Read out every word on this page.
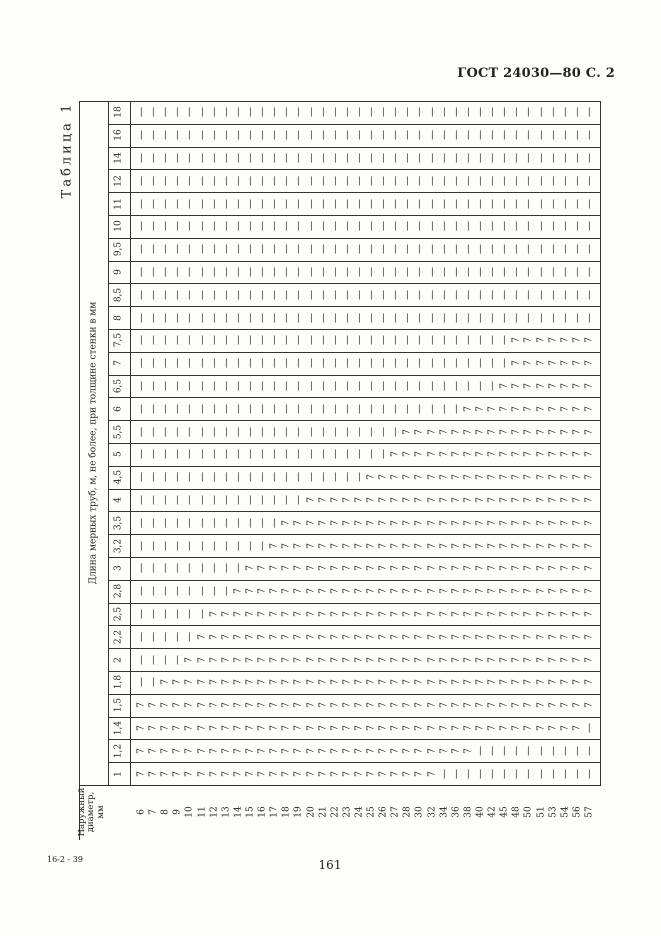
ГОСТ 24030—80 С. 2
Таблица 1
Длина мерных труб, м, не более, при толщине стенки в мм
Наружный диаметр, мм
1
1,2
1,4
1,5
1,8
2
2,2
2,5
2,8
3
3,2
3,5
4
4,5
5
5,5
6
6,5
7
7,5
8
8,5
9
9,5
10
11
12
14
16
18
6 7 8 9 10 11 12 13 14 15 16 17 18 19 20 21 22 23 24 25 26 27 28 30 32 34 36 38 40 42 45 48 50 51 53 54 56 57
7 7 7 7 7 7 7 7 7 7 7 7 7 7 7 7 7 7 7 7 7 7 7 7 7 — — — — — — — — — — — — —
7 7 7 7 7 7 7 7 7 7 7 7 7 7 7 7 7 7 7 7 7 7 7 7 7 7 7 7 — — — — — — — — — —
7 7 7 7 7 7 7 7 7 7 7 7 7 7 7 7 7 7 7 7 7 7 7 7 7 7 7 7 7 7 7 7 7 7 7 7 7 —
7 7 7 7 7 7 7 7 7 7 7 7 7 7 7 7 7 7 7 7 7 7 7 7 7 7 7 7 7 7 7 7 7 7 7 7 7 7
— — 7 7 7 7 7 7 7 7 7 7 7 7 7 7 7 7 7 7 7 7 7 7 7 7 7 7 7 7 7 7 7 7 7 7 7 7
— — — — 7 7 7 7 7 7 7 7 7 7 7 7 7 7 7 7 7 7 7 7 7 7 7 7 7 7 7 7 7 7 7 7 7 7
— — — — — 7 7 7 7 7 7 7 7 7 7 7 7 7 7 7 7 7 7 7 7 7 7 7 7 7 7 7 7 7 7 7 7 7
— — — — — — 7 7 7 7 7 7 7 7 7 7 7 7 7 7 7 7 7 7 7 7 7 7 7 7 7 7 7 7 7 7 7 7
— — — — — — — — 7 7 7 7 7 7 7 7 7 7 7 7 7 7 7 7 7 7 7 7 7 7 7 7 7 7 7 7 7 7
— — — — — — — — — 7 7 7 7 7 7 7 7 7 7 7 7 7 7 7 7 7 7 7 7 7 7 7 7 7 7 7 7 7
— — — — — — — — — — — 7 7 7 7 7 7 7 7 7 7 7 7 7 7 7 7 7 7 7 7 7 7 7 7 7 7 7
— — — — — — — — — — — — 7 7 7 7 7 7 7 7 7 7 7 7 7 7 7 7 7 7 7 7 7 7 7 7 7 7
— — — — — — — — — — — — — — 7 7 7 7 7 7 7 7 7 7 7 7 7 7 7 7 7 7 7 7 7 7 7 7
— — — — — — — — — — — — — — — — — — — 7 7 7 7 7 7 7 7 7 7 7 7 7 7 7 7 7 7 7
— — — — — — — — — — — — — — — — — — — — — 7 7 7 7 7 7 7 7 7 7 7 7 7 7 7 7 7
— — — — — — — — — — — — — — — — — — — — — — 7 7 7 7 7 7 7 7 7 7 7 7 7 7 7 7
— — — — — — — — — — — — — — — — — — — — — — — — — — — 7 7 7 7 7 7 7 7 7 7 7
— — — — — — — — — — — — — — — — — — — — — — — — — — — — — — 7 7 7 7 7 7 7 7
— — — — — — — — — — — — — — — — — — — — — — — — — — — — — — — 7 7 7 7 7 7 7
— — — — — — — — — — — — — — — — — — — — — — — — — — — — — — — 7 7 7 7 7 7 7
— — — — — — — — — — — — — — — — — — — — — — — — — — — — — — — — — — — — — —
— — — — — — — — — — — — — — — — — — — — — — — — — — — — — — — — — — — — — —
— — — — — — — — — — — — — — — — — — — — — — — — — — — — — — — — — — — — — —
— — — — — — — — — — — — — — — — — — — — — — — — — — — — — — — — — — — — — —
— — — — — — — — — — — — — — — — — — — — — — — — — — — — — — — — — — — — — —
— — — — — — — — — — — — — — — — — — — — — — — — — — — — — — — — — — — — — —
— — — — — — — — — — — — — — — — — — — — — — — — — — — — — — — — — — — — — —
— — — — — — — — — — — — — — — — — — — — — — — — — — — — — — — — — — — — — —
— — — — — — — — — — — — — — — — — — — — — — — — — — — — — — — — — — — — — —
— — — — — — — — — — — — — — — — — — — — — — — — — — — — — — — — — — — — — —
16-2 - 39	161
